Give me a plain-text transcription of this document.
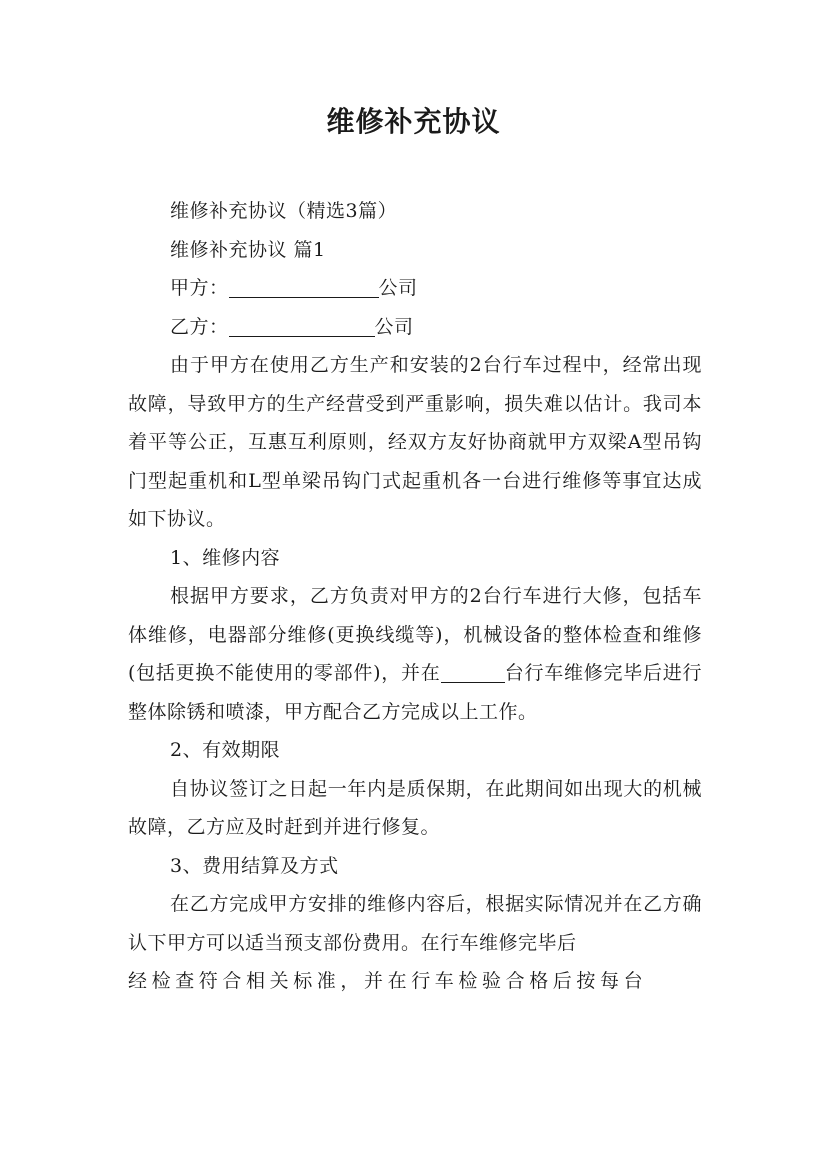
维修补充协议

维修补充协议（精选3篇）

维修补充协议 篇1

甲方：	公司

乙方：	公司

由于甲方在使用乙方生产和安装的2台行车过程中，经常出现故障，导致甲方的生产经营受到严重影响，损失难以估计。我司本着平等公正，互惠互利原则，经双方友好协商就甲方双梁A型吊钩门型起重机和L型单梁吊钩门式起重机各一台进行维修等事宜达成如下协议。

1、维修内容

根据甲方要求，乙方负责对甲方的2台行车进行大修，包括车体维修，电器部分维修(更换线缆等)，机械设备的整体检查和维修(包括更换不能使用的零部件)，并在	台行车维修完毕后进行整体除锈和喷漆，甲方配合乙方完成以上工作。

2、有效期限

自协议签订之日起一年内是质保期，在此期间如出现大的机械故障，乙方应及时赶到并进行修复。

3、费用结算及方式

在乙方完成甲方安排的维修内容后，根据实际情况并在乙方确认下甲方可以适当预支部份费用。在行车维修完毕后

经检查符合相关标准，并在行车检验合格后按每台
